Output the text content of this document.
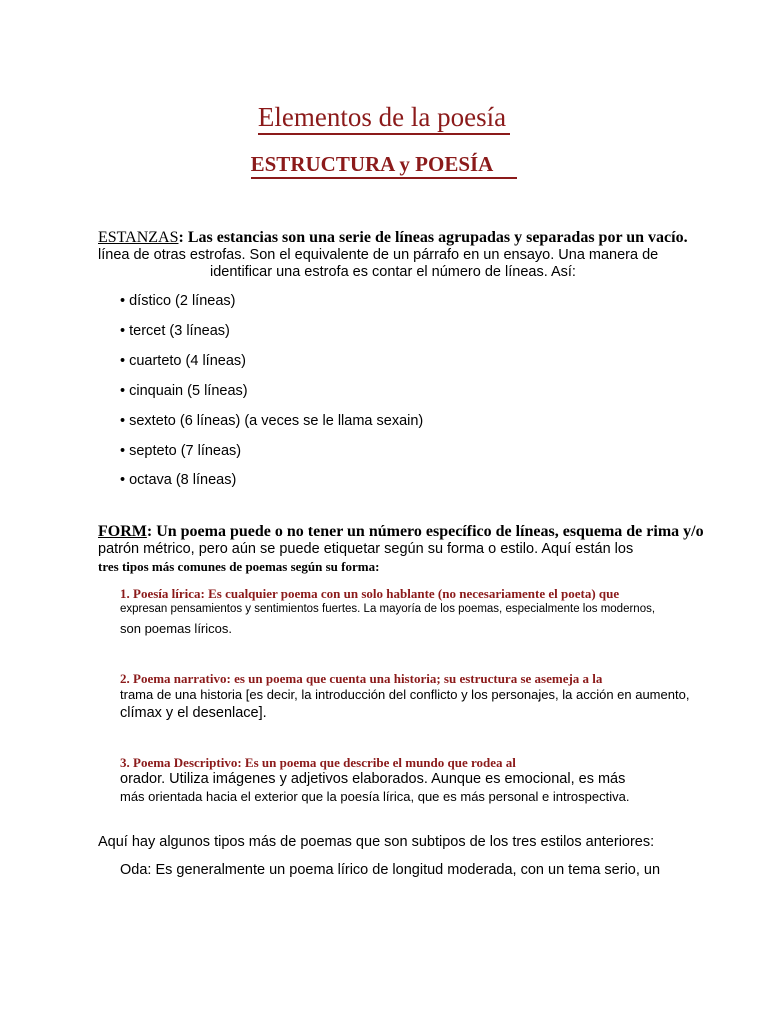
Elementos de la poesía
ESTRUCTURA y POESÍA
ESTANZAS: Las estancias son una serie de líneas agrupadas y separadas por un vacío.
línea de otras estrofas. Son el equivalente de un párrafo en un ensayo. Una manera de
identificar una estrofa es contar el número de líneas. Así:
• dístico (2 líneas)
• tercet (3 líneas)
• cuarteto (4 líneas)
• cinquain (5 líneas)
• sexteto (6 líneas) (a veces se le llama sexain)
• septeto (7 líneas)
• octava (8 líneas)
FORM: Un poema puede o no tener un número específico de líneas, esquema de rima y/o
patrón métrico, pero aún se puede etiquetar según su forma o estilo. Aquí están los
tres tipos más comunes de poemas según su forma:
1. Poesía lírica: Es cualquier poema con un solo hablante (no necesariamente el poeta) que
expresan pensamientos y sentimientos fuertes. La mayoría de los poemas, especialmente los modernos,
son poemas líricos.
2. Poema narrativo: es un poema que cuenta una historia; su estructura se asemeja a la
trama de una historia [es decir, la introducción del conflicto y los personajes, la acción en aumento,
clímax y el desenlace].
3. Poema Descriptivo: Es un poema que describe el mundo que rodea al
orador. Utiliza imágenes y adjetivos elaborados. Aunque es emocional, es más
más orientada hacia el exterior que la poesía lírica, que es más personal e introspectiva.
Aquí hay algunos tipos más de poemas que son subtipos de los tres estilos anteriores:
Oda: Es generalmente un poema lírico de longitud moderada, con un tema serio, un
